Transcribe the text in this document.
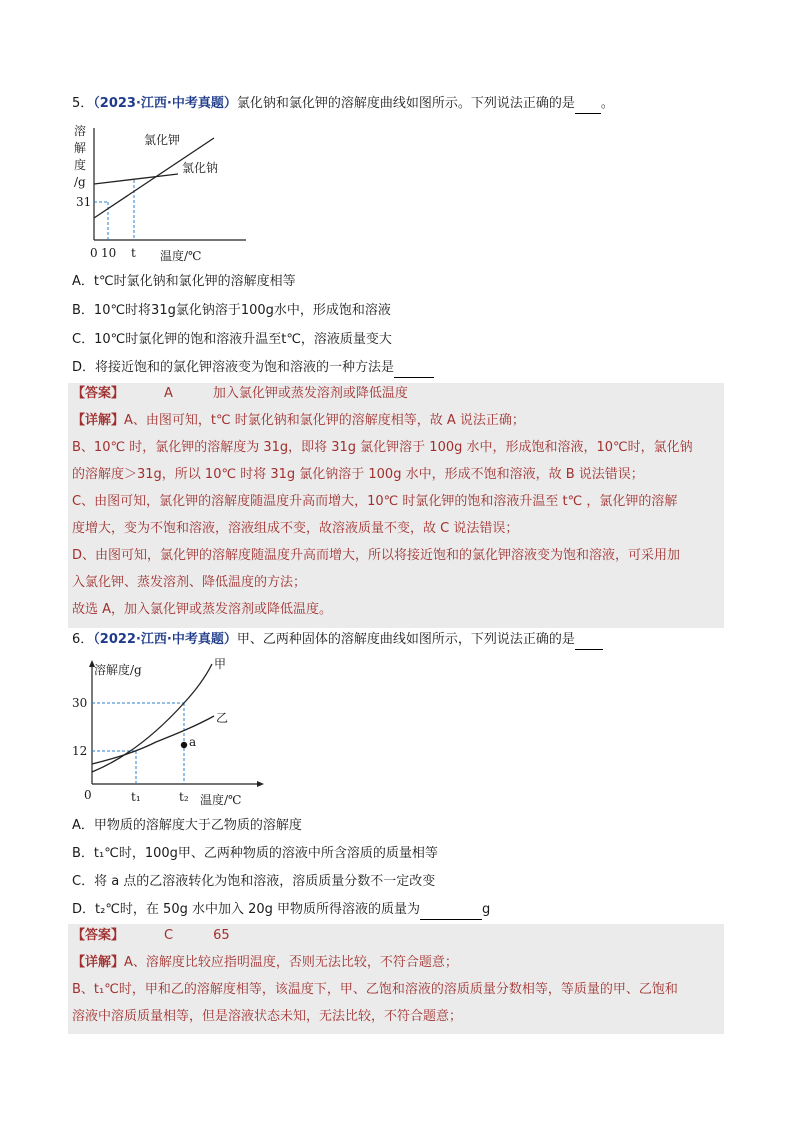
5．（2023·江西·中考真题）氯化钠和氯化钾的溶解度曲线如图所示。下列说法正确的是 。
溶
解
度
/g
31
氯化钾
氯化钠
0 10 t 温度/℃
A．t℃时氯化钠和氯化钾的溶解度相等
B．10℃时将31g氯化钠溶于100g水中，形成饱和溶液
C．10℃时氯化钾的饱和溶液升温至t℃，溶液质量变大
D．将接近饱和的氯化钾溶液变为饱和溶液的一种方法是
【答案】	A	加入氯化钾或蒸发溶剂或降低温度
【详解】A、由图可知，t℃ 时氯化钠和氯化钾的溶解度相等，故 A 说法正确；
B、10℃ 时，氯化钾的溶解度为 31g，即将 31g 氯化钾溶于 100g 水中，形成饱和溶液，10℃时，氯化钠
的溶解度＞31g，所以 10℃ 时将 31g 氯化钠溶于 100g 水中，形成不饱和溶液，故 B 说法错误；
C、由图可知，氯化钾的溶解度随温度升高而增大，10℃ 时氯化钾的饱和溶液升温至 t℃ ，氯化钾的溶解
度增大，变为不饱和溶液，溶液组成不变，故溶液质量不变，故 C 说法错误；
D、由图可知，氯化钾的溶解度随温度升高而增大，所以将接近饱和的氯化钾溶液变为饱和溶液，可采用加
入氯化钾、蒸发溶剂、降低温度的方法；
故选 A，加入氯化钾或蒸发溶剂或降低温度。
6．（2022·江西·中考真题）甲、乙两种固体的溶解度曲线如图所示，下列说法正确的是
溶解度/g
30
12
甲
乙
a
0	t₁	t₂ 温度/℃
A．甲物质的溶解度大于乙物质的溶解度
B．t₁℃时，100g甲、乙两种物质的溶液中所含溶质的质量相等
C．将 a 点的乙溶液转化为饱和溶液，溶质质量分数不一定改变
D．t₂℃时，在 50g 水中加入 20g 甲物质所得溶液的质量为	g
【答案】	C	65
【详解】A、溶解度比较应指明温度，否则无法比较，不符合题意；
B、t₁℃时，甲和乙的溶解度相等，该温度下，甲、乙饱和溶液的溶质质量分数相等，等质量的甲、乙饱和
溶液中溶质质量相等，但是溶液状态未知，无法比较，不符合题意；
